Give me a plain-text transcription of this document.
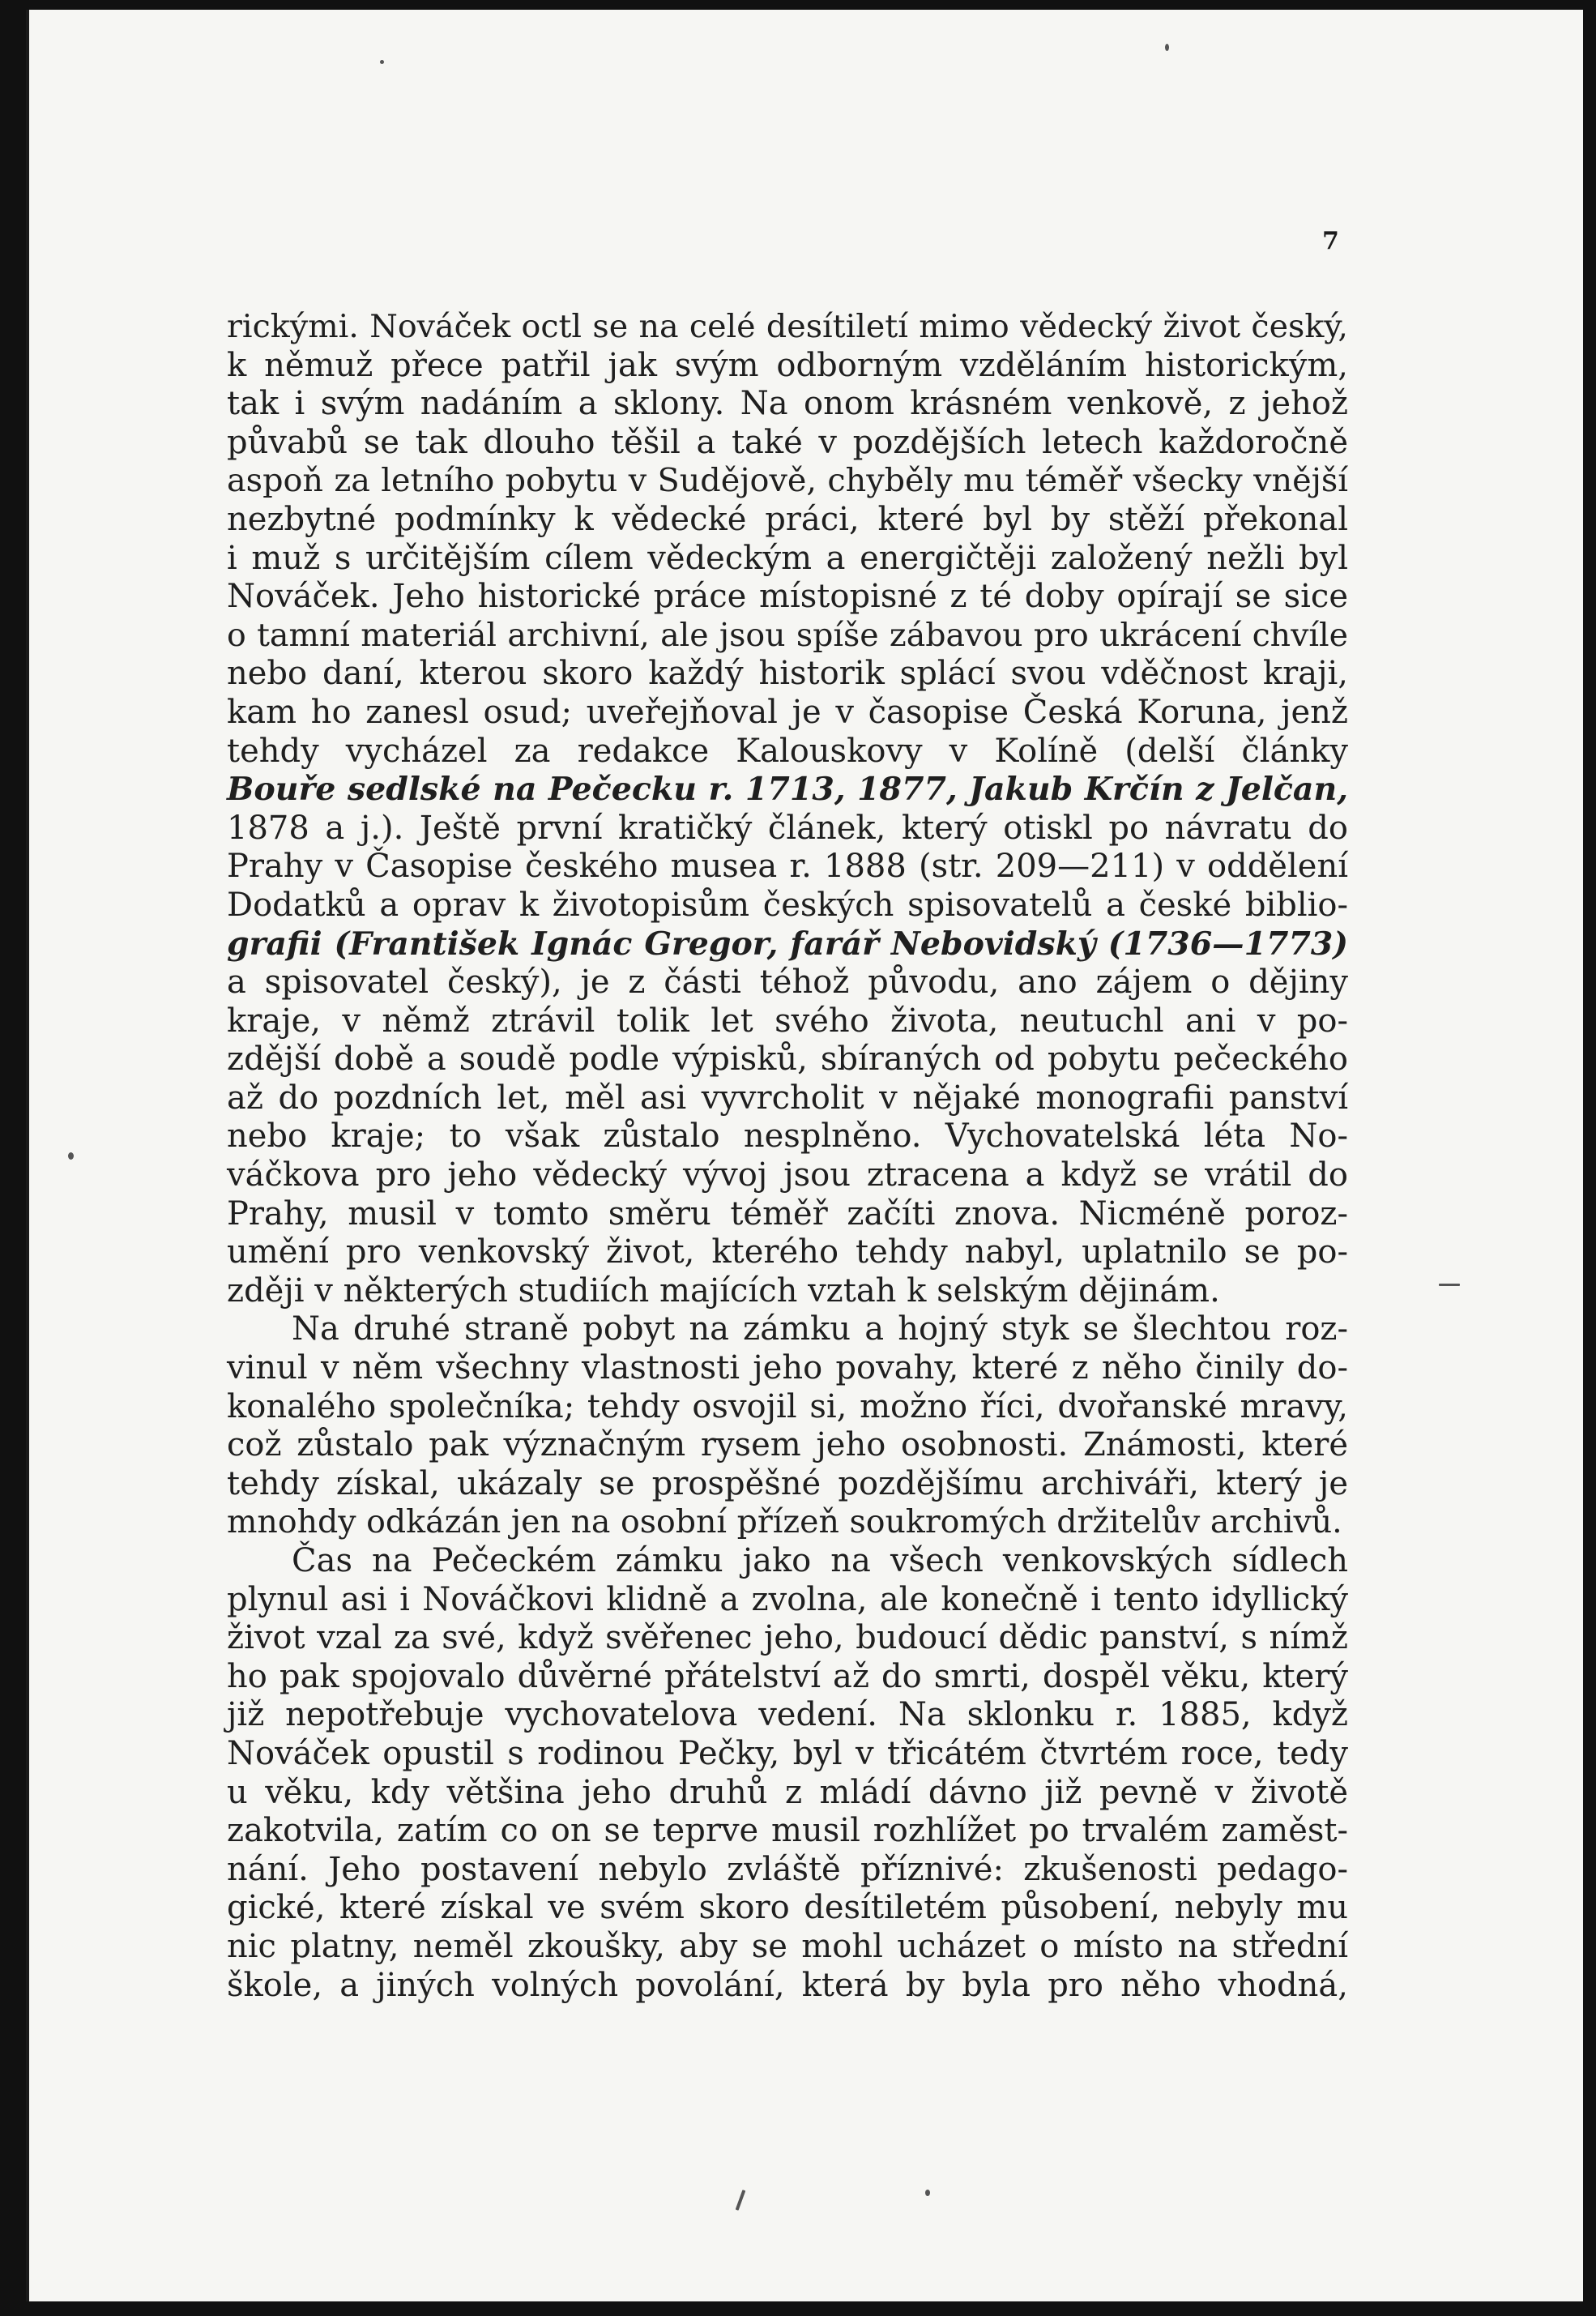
7
rickými. Nováček octl se na celé desítiletí mimo vědecký život český,
k němuž přece patřil jak svým odborným vzděláním historickým,
tak i svým nadáním a sklony. Na onom krásném venkově, z jehož
půvabů se tak dlouho těšil a také v pozdějších letech každoročně
aspoň za letního pobytu v Sudějově, chyběly mu téměř všecky vnější
nezbytné podmínky k vědecké práci, které byl by stěží překonal
i muž s určitějším cílem vědeckým a energičtěji založený nežli byl
Nováček. Jeho historické práce místopisné z té doby opírají se sice
o tamní materiál archivní, ale jsou spíše zábavou pro ukrácení chvíle
nebo daní, kterou skoro každý historik splácí svou vděčnost kraji,
kam ho zanesl osud; uveřejňoval je v časopise Česká Koruna, jenž
tehdy vycházel za redakce Kalouskovy v Kolíně (delší články
Bouře sedlské na Pečecku r. 1713, 1877, Jakub Krčín z Jelčan,
1878 a j.). Ještě první kratičký článek, který otiskl po návratu do
Prahy v Časopise českého musea r. 1888 (str. 209—211) v oddělení
Dodatků a oprav k životopisům českých spisovatelů a české biblio-
grafii (František Ignác Gregor, farář Nebovidský (1736—1773)
a spisovatel český), je z části téhož původu, ano zájem o dějiny
kraje, v němž ztrávil tolik let svého života, neutuchl ani v po-
zdější době a soudě podle výpisků, sbíraných od pobytu pečeckého
až do pozdních let, měl asi vyvrcholit v nějaké monografii panství
nebo kraje; to však zůstalo nesplněno. Vychovatelská léta No-
váčkova pro jeho vědecký vývoj jsou ztracena a když se vrátil do
Prahy, musil v tomto směru téměř začíti znova. Nicméně poroz-
umění pro venkovský život, kterého tehdy nabyl, uplatnilo se po-
zději v některých studiích majících vztah k selským dějinám.
Na druhé straně pobyt na zámku a hojný styk se šlechtou roz-
vinul v něm všechny vlastnosti jeho povahy, které z něho činily do-
konalého společníka; tehdy osvojil si, možno říci, dvořanské mravy,
což zůstalo pak význačným rysem jeho osobnosti. Známosti, které
tehdy získal, ukázaly se prospěšné pozdějšímu archiváři, který je
mnohdy odkázán jen na osobní přízeň soukromých držitelův archivů.
Čas na Pečeckém zámku jako na všech venkovských sídlech
plynul asi i Nováčkovi klidně a zvolna, ale konečně i tento idyllický
život vzal za své, když svěřenec jeho, budoucí dědic panství, s nímž
ho pak spojovalo důvěrné přátelství až do smrti, dospěl věku, který
již nepotřebuje vychovatelova vedení. Na sklonku r. 1885, když
Nováček opustil s rodinou Pečky, byl v třicátém čtvrtém roce, tedy
u věku, kdy většina jeho druhů z mládí dávno již pevně v životě
zakotvila, zatím co on se teprve musil rozhlížet po trvalém zaměst-
nání. Jeho postavení nebylo zvláště příznivé: zkušenosti pedago-
gické, které získal ve svém skoro desítiletém působení, nebyly mu
nic platny, neměl zkoušky, aby se mohl ucházet o místo na střední
škole, a jiných volných povolání, která by byla pro něho vhodná,
